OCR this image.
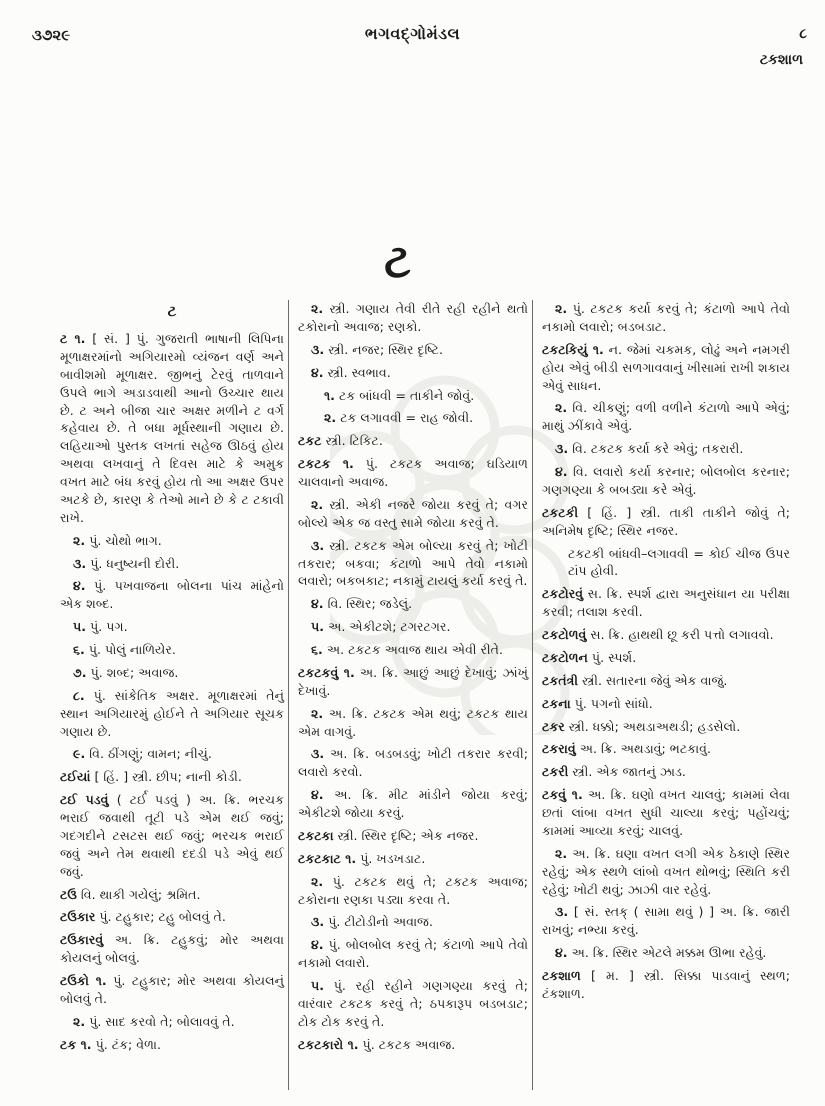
૩૭૨૯	ભગવદ્ગોમંડલ	૮
ટકશાળ
ટ
ટ

ટ ૧. [ સં. ] પું. ગુજરાતી ભાષાની લિપિના મૂળાક્ષરમાંનો અગિયારમો વ્યંજન વર્ણ અને બાવીશમો મૂળાક્ષર. જીભનું ટેરવું તાળવાને ઉપલે ભાગે અડાડવાથી આનો ઉચ્ચાર થાય છે. ટ અને બીજા ચાર અક્ષર મળીને ટ વર્ગ કહેવાય છે. તે બધા મૂર્ધસ્થાની ગણાય છે. લહિયાઓ પુસ્તક લખતાં સહેજ ઊઠવું હોય અથવા લખવાનું તે દિવસ માટે કે અમુક વખત માટે બંધ કરવું હોય તો આ અક્ષર ઉપર અટકે છે, કારણ કે તેઓ માને છે કે ટ ટકાવી રાખે.

૨. પું. ચોથો ભાગ.

૩. પું. ધનુષ્યની દોરી.

૪. પું. પખવાજના બોલના પાંચ માંહેનો એક શબ્દ.

૫. પું. પગ.

૬. પું. પોલું નાળિયેર.

૭. પું. શબ્દ; અવાજ.

૮. પું. સાંકેતિક અક્ષર. મૂળાક્ષરમાં તેનું સ્થાન અગિયારમું હોઈને તે અગિયાર સૂચક ગણાય છે.

૯. વિ. ઠીંગણું; વામન; નીચું.

ટઈયાં [ હિં. ] સ્ત્રી. છીપ; નાની કોડી.

ટઈ પડવું ( ટર્ઈ પડવું ) અ. ક્રિ. ભરચક ભરાઈ જવાથી તૂટી પડે એમ થઈ જવું; ગદગદીને ટસટસ થઈ જવું; ભરચક ભરાઈ જવું અને તેમ થવાથી દદડી પડે એવું થઈ જવું.

ટઉ વિ. થાકી ગયેલું; શ્રમિત.

ટઉકાર પું. ટહુકાર; ટહુ બોલવું તે.

ટઉકારવું અ. ક્રિ. ટહુકવું; મોર અથવા કોયલનું બોલવું.

ટઉકો ૧. પું. ટહુકાર; મોર અથવા કોયલનું બોલવું તે.

૨. પું. સાદ કરવો તે; બોલાવવું તે.

ટક ૧. પું. ટંક; વેળા.

૨. સ્ત્રી. ગણાય તેવી રીતે રહી રહીને થતો ટકોરાનો અવાજ; રણકો.

૩. સ્ત્રી. નજર; સ્થિર દૃષ્ટિ.

૪. સ્ત્રી. સ્વભાવ.

૧. ટક બાંધવી = તાકીને જોવું.

૨. ટક લગાવવી = રાહ જોવી.

ટકટ સ્ત્રી. ટિકિટ.

ટકટક ૧. પું. ટકટક અવાજ; ઘડિયાળ ચાલવાનો અવાજ.

૨. સ્ત્રી. એકી નજરે જોયા કરવું તે; વગર બોલ્યે એક જ વસ્તુ સામે જોયા કરવું તે.

૩. સ્ત્રી. ટકટક એમ બોલ્યા કરવું તે; ખોટી તકરાર; બકવા; કંટાળો આપે તેવો નકામો લવારો; બકબકાટ; નકામું ટાયલું કર્યા કરવું તે.

૪. વિ. સ્થિર; જડેલું.

૫. અ. એકીટશે; ટગરટગર.

૬. અ. ટકટક અવાજ થાય એવી રીતે.

ટકટકવું ૧. અ. ક્રિ. આછું આછું દેખાવું; ઝાંખું દેખાવું.

૨. અ. ક્રિ. ટકટક એમ થવું; ટકટક થાય એમ વાગવું.

૩. અ. ક્રિ. બડબડવું; ખોટી તકરાર કરવી; લવારો કરવો.

૪. અ. ક્રિ. મીટ માંડીને જોયા કરવું; એકીટશે જોયા કરવું.

ટકટકા સ્ત્રી. સ્થિર દૃષ્ટિ; એક નજર.

ટકટકાટ ૧. પું. ખડખડાટ.

૨. પું. ટકટક થવું તે; ટકટક અવાજ; ટકોરાના રણકા પડ્યા કરવા તે.

૩. પું. ટીટોડીનો અવાજ.

૪. પું. બોલબોલ કરવું તે; કંટાળો આપે તેવો નકામો લવારો.

૫. પું. રહી રહીને ગણગણ્યા કરવું તે; વારંવાર ટકટક કરવું તે; ઠપકારૂપ બડબડાટ; ટોક ટોક કરવું તે.

ટકટકારો ૧. પું. ટકટક અવાજ.

૨. પું. ટકટક કર્યા કરવું તે; કંટાળો આપે તેવો નકામો લવારો; બડબડાટ.

ટકટકિયું ૧. ન. જેમાં ચકમક, લોઢું અને નમગરી હોય એવું બીડી સળગાવવાનું ખીસામાં રાખી શકાય એવું સાધન.

૨. વિ. ચીકણું; વળી વળીને કંટાળો આપે એવું; માથું ઝીંકાવે એવું.

૩. વિ. ટકટક કર્યા કરે એવું; તકરારી.

૪. વિ. લવારો કર્યા કરનાર; બોલબોલ કરનાર; ગણગણ્યા કે બબડ્યા કરે એવું.

ટકટકી [ હિં. ] સ્ત્રી. તાકી તાકીને જોવું તે; અનિમેષ દૃષ્ટિ; સ્થિર નજર.

ટકટકી બાંધવી–લગાવવી = કોઈ ચીજ ઉપર ટાંપ હોવી.

ટકટોરવું સ. ક્રિ. સ્પર્શ દ્વારા અનુસંધાન યા પરીક્ષા કરવી; તલાશ કરવી.

ટકટોળવું સ. ક્રિ. હાથથી છૂ કરી પત્તો લગાવવો.

ટકટોળન પું. સ્પર્શ.

ટકતંત્રી સ્ત્રી. સતારના જેવું એક વાજું.

ટકના પું. પગનો સાંધો.

ટકર સ્ત્રી. ધક્કો; અથડાઅથડી; હડસેલો.

ટકરાવું અ. ક્રિ. અથડાવું; ભટકાવું.

ટકરી સ્ત્રી. એક જાતનું ઝાડ.

ટકવું ૧. અ. ક્રિ. ઘણો વખત ચાલવું; કામમાં લેવા છતાં લાંબા વખત સુધી ચાલ્યા કરવું; પહોંચવું; કામમાં આવ્યા કરવું; ચાલવું.

૨. અ. ક્રિ. ઘણા વખત લગી એક ઠેકાણે સ્થિર રહેવું; એક સ્થળે લાંબો વખત થોભવું; સ્થિતિ કરી રહેવું; ખોટી થવું; ઝાઝી વાર રહેવું.

૩. [ સં. સ્તક્ ( સામા થવું ) ] અ. ક્રિ. જારી રાખવું; નભ્યા કરવું.

૪. અ. ક્રિ. સ્થિર એટલે મક્કમ ઊભા રહેવું.

ટકશાળ [ મ. ] સ્ત્રી. સિક્કા પાડવાનું સ્થળ; ટંકશાળ.
